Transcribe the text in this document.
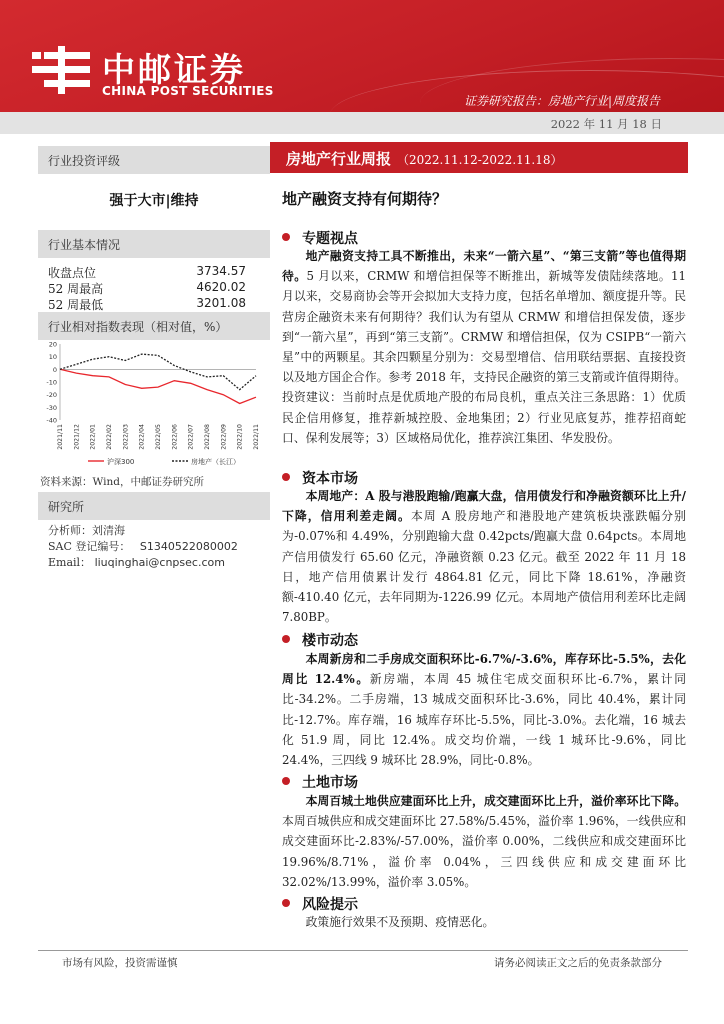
中邮证券
CHINA POST SECURITIES
证券研究报告：房地产行业|周度报告
2022 年 11 月 18 日
行业投资评级
强于大市|维持
行业基本情况
收盘点位	3734.57
52 周最高	4620.02
52 周最低	3201.08
行业相对指数表现（相对值，%）
20
10
0
-10
-20
-30
-40
2021/11 2021/12 2022/01 2022/02 2022/03 2022/04 2022/05 2022/06 2022/07 2022/08 2022/09 2022/10 2022/11
沪深300	房地产（长江）
资料来源：Wind，中邮证券研究所
研究所
分析师：刘清海
SAC 登记编号： S1340522080002
Email： liuqinghai@cnpsec.com
房地产行业周报 （2022.11.12-2022.11.18）
地产融资支持有何期待？
专题视点
地产融资支持工具不断推出，未来“一箭六星”、“第三支箭”等也值得期待。5 月以来，CRMW 和增信担保等不断推出，新城等发债陆续落地。11 月以来，交易商协会等开会拟加大支持力度，包括名单增加、额度提升等。民营房企融资未来有何期待？我们认为有望从 CRMW 和增信担保发债，逐步到“一箭六星”，再到“第三支箭”。CRMW 和增信担保，仅为 CSIPB“一箭六星”中的两颗星。其余四颗星分别为：交易型增信、信用联结票据、直接投资以及地方国企合作。参考 2018 年，支持民企融资的第三支箭或许值得期待。投资建议：当前时点是优质地产股的布局良机，重点关注三条思路：1）优质民企信用修复，推荐新城控股、金地集团；2）行业见底复苏，推荐招商蛇口、保利发展等；3）区域格局优化，推荐滨江集团、华发股份。
资本市场
本周地产：A 股与港股跑输/跑赢大盘，信用债发行和净融资额环比上升/下降，信用利差走阔。本周 A 股房地产和港股地产建筑板块涨跌幅分别为-0.07%和 4.49%，分别跑输大盘 0.42pcts/跑赢大盘 0.64pcts。本周地产信用债发行 65.60 亿元，净融资额 0.23 亿元。截至 2022 年 11 月 18 日，地产信用债累计发行 4864.81 亿元，同比下降 18.61%，净融资额-410.40 亿元，去年同期为-1226.99 亿元。本周地产债信用利差环比走阔 7.80BP。
楼市动态
本周新房和二手房成交面积环比-6.7%/-3.6%，库存环比-5.5%，去化周比 12.4%。新房端，本周 45 城住宅成交面积环比-6.7%，累计同比-34.2%。二手房端，13 城成交面积环比-3.6%，同比 40.4%，累计同比-12.7%。库存端，16 城库存环比-5.5%，同比-3.0%。去化端，16 城去化 51.9 周，同比 12.4%。成交均价端，一线 1 城环比-9.6%，同比 24.4%，三四线 9 城环比 28.9%，同比-0.8%。
土地市场
本周百城土地供应建面环比上升，成交建面环比上升，溢价率环比下降。本周百城供应和成交建面环比 27.58%/5.45%，溢价率 1.96%，一线供应和成交建面环比-2.83%/-57.00%，溢价率 0.00%，二线供应和成交建面环比 19.96%/8.71%，溢价率 0.04%，三四线供应和成交建面环比 32.02%/13.99%，溢价率 3.05%。
风险提示
政策施行效果不及预期、疫情恶化。
市场有风险，投资需谨慎	请务必阅读正文之后的免责条款部分
